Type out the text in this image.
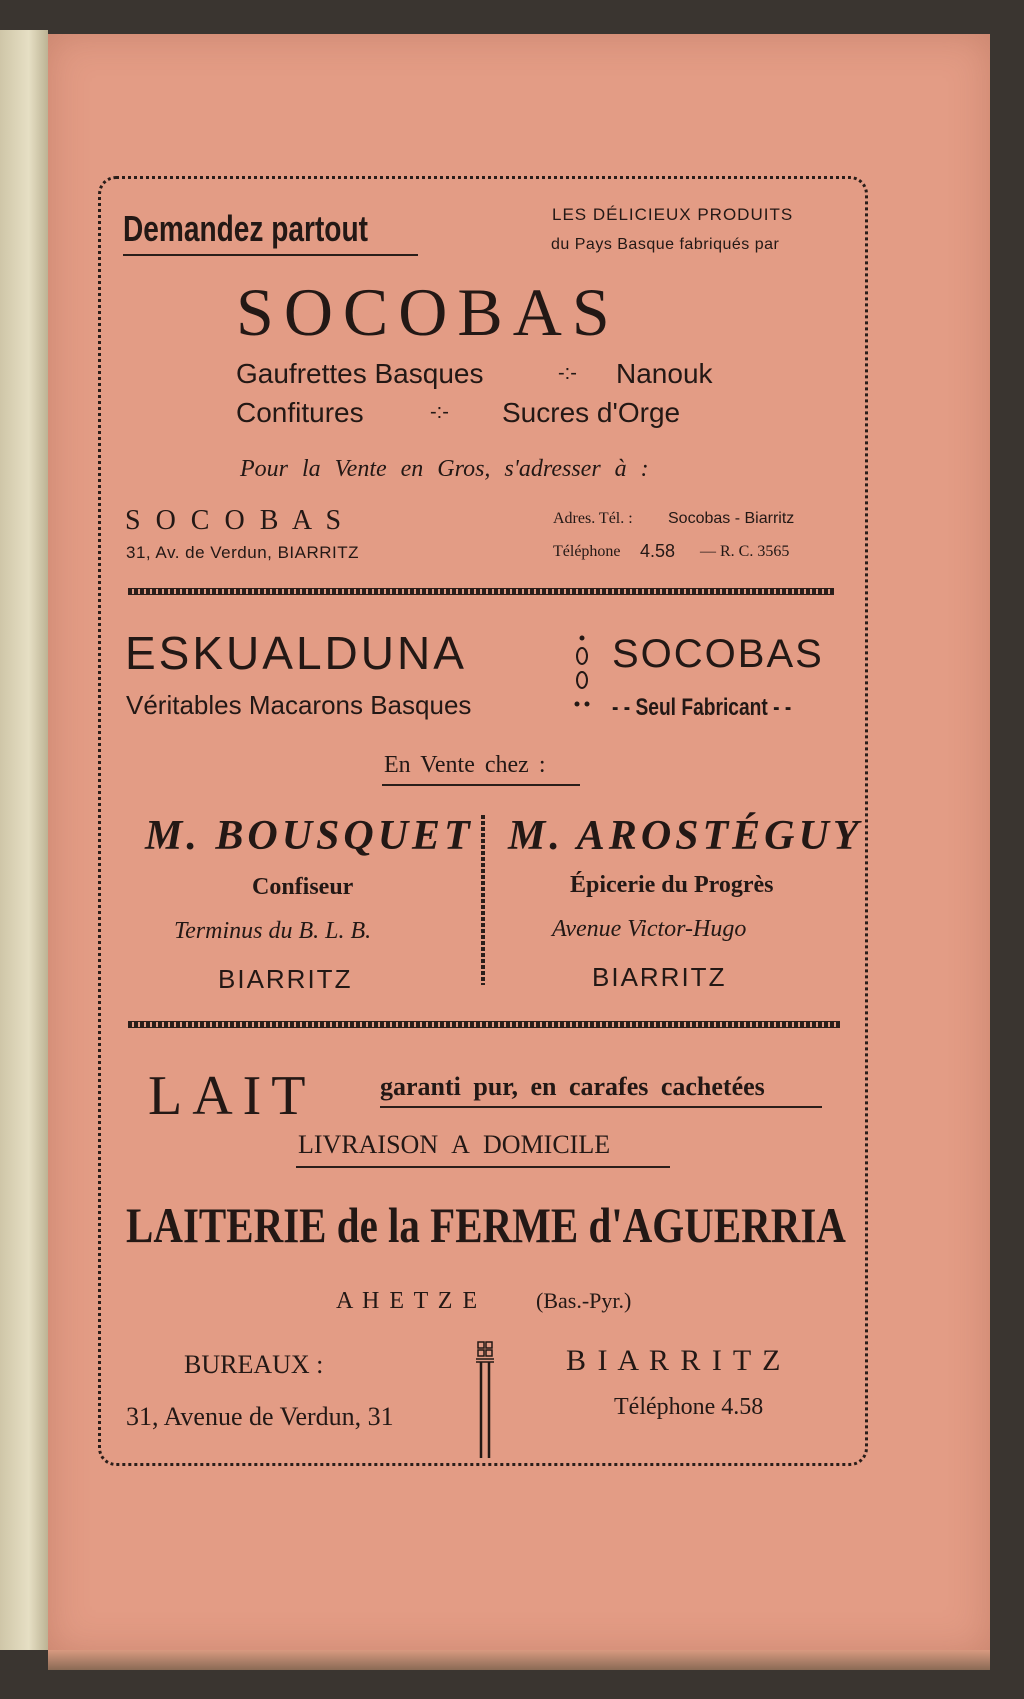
Demandez partout	LES DÉLICIEUX PRODUITS
du Pays Basque fabriqués par
SOCOBAS
Gaufrettes Basques	-:- Nanouk
Confitures	-:- Sucres d'Orge
Pour la Vente en Gros, s'adresser à :
S O C O B A S
31, Av. de Verdun, BIARRITZ
Adres. Tél. : Socobas - Biarritz
Téléphone 4.58 — R. C. 3565
ESKUALDUNA
Véritables Macarons Basques
SOCOBAS
- - Seul Fabricant - -
En Vente chez :
M. BOUSQUET
Confiseur
Terminus du B. L. B.
BIARRITZ
M. AROSTÉGUY
Épicerie du Progrès
Avenue Victor-Hugo
BIARRITZ
LAIT garanti pur, en carafes cachetées
LIVRAISON A DOMICILE
LAITERIE de la FERME d'AGUERRIA
A H E T Z E	(Bas.-Pyr.)
BUREAUX :
31, Avenue de Verdun, 31
B I A R R I T Z
Téléphone 4.58
